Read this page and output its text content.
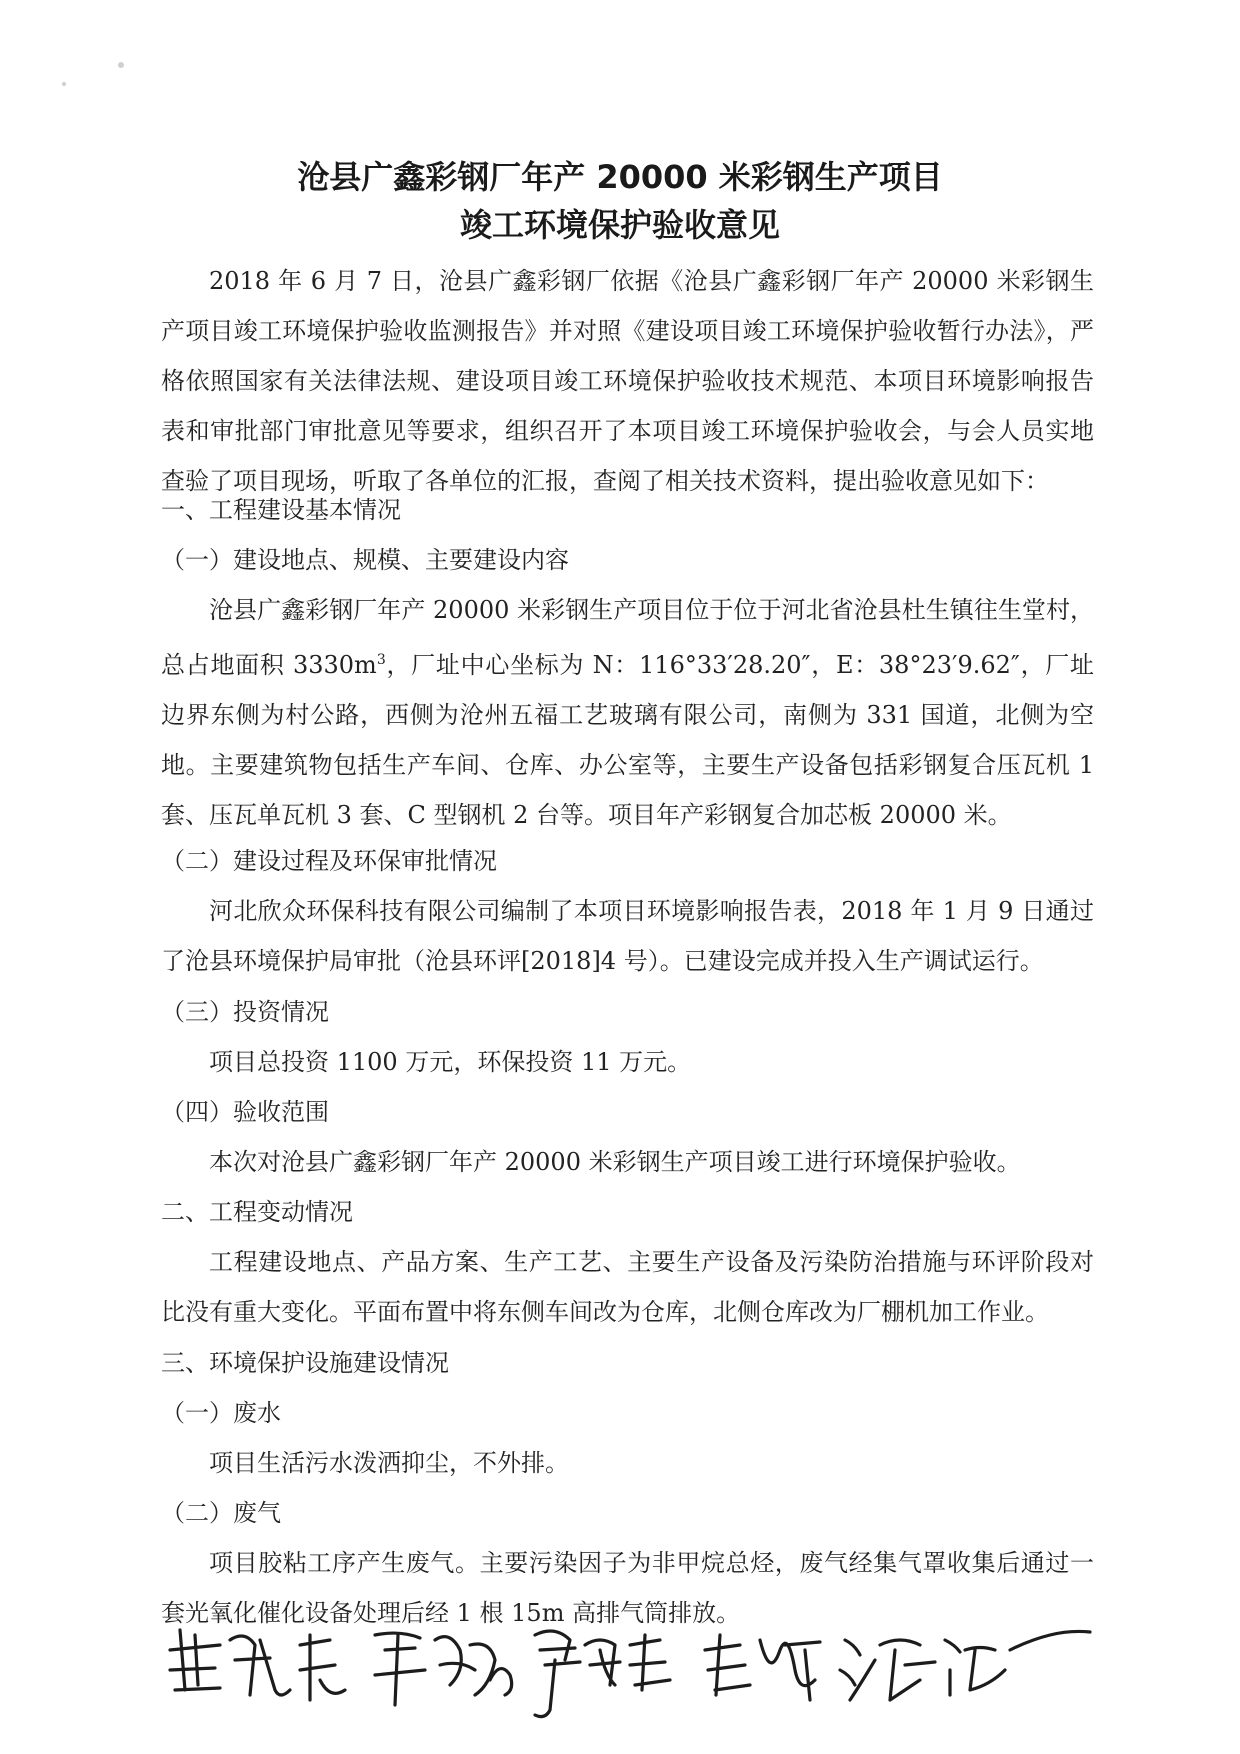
沧县广鑫彩钢厂年产 20000 米彩钢生产项目
竣工环境保护验收意见
2018 年 6 月 7 日，沧县广鑫彩钢厂依据《沧县广鑫彩钢厂年产 20000 米彩钢生产项目竣工环境保护验收监测报告》并对照《建设项目竣工环境保护验收暂行办法》，严格依照国家有关法律法规、建设项目竣工环境保护验收技术规范、本项目环境影响报告表和审批部门审批意见等要求，组织召开了本项目竣工环境保护验收会，与会人员实地查验了项目现场，听取了各单位的汇报，查阅了相关技术资料，提出验收意见如下：
一、工程建设基本情况
（一）建设地点、规模、主要建设内容
沧县广鑫彩钢厂年产 20000 米彩钢生产项目位于位于河北省沧县杜生镇往生堂村，总占地面积 $3330m^3$，厂址中心坐标为 N：116°33′28.20″，E：38°23′9.62″，厂址边界东侧为村公路，西侧为沧州五福工艺玻璃有限公司，南侧为 331 国道，北侧为空地。主要建筑物包括生产车间、仓库、办公室等，主要生产设备包括彩钢复合压瓦机 1 套、压瓦单瓦机 3 套、C 型钢机 2 台等。项目年产彩钢复合加芯板 20000 米。
（二）建设过程及环保审批情况
河北欣众环保科技有限公司编制了本项目环境影响报告表，2018 年 1 月 9 日通过了沧县环境保护局审批（沧县环评[2018]4 号）。已建设完成并投入生产调试运行。
（三）投资情况
项目总投资 1100 万元，环保投资 11 万元。
（四）验收范围
本次对沧县广鑫彩钢厂年产 20000 米彩钢生产项目竣工进行环境保护验收。
二、工程变动情况
工程建设地点、产品方案、生产工艺、主要生产设备及污染防治措施与环评阶段对比没有重大变化。平面布置中将东侧车间改为仓库，北侧仓库改为厂棚机加工作业。
三、环境保护设施建设情况
（一）废水
项目生活污水泼洒抑尘，不外排。
（二）废气
项目胶粘工序产生废气。主要污染因子为非甲烷总烃，废气经集气罩收集后通过一套光氧化催化设备处理后经 1 根 15m 高排气筒排放。
